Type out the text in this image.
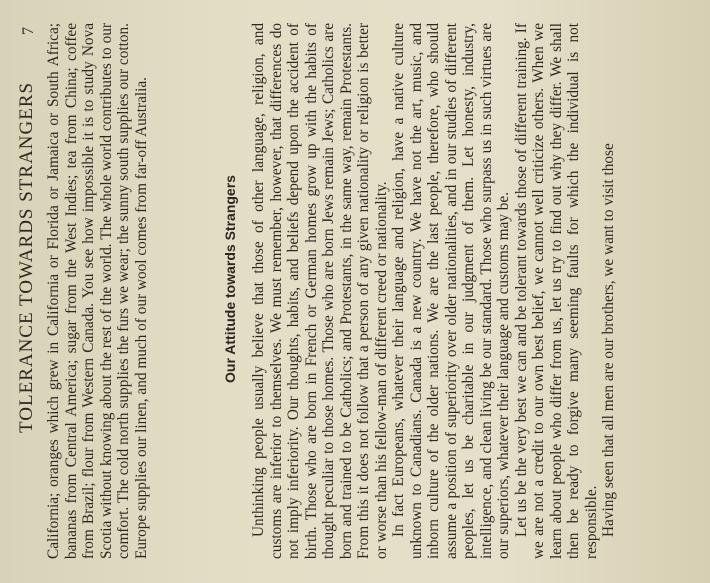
7
TOLERANCE TOWARDS STRANGERS California; oranges which grew in California or Florida or Jamaica or South Africa; bananas from Central America; sugar from the West Indies; tea from China; coffee from Brazil; flour from Western Canada. You see how impossible it is to study Nova Scotia without knowing about the rest of the world. The whole world contributes to our comfort. The cold north supplies the furs we wear; the sunny south supplies our cotton. Europe supplies our linen, and much of our wool comes from far-off Australia.	Our Attitude towards Strangers Unthinking people usually believe that those of other language, religion, and customs are inferior to themselves. We must remember, however, that differences do not imply inferiority. Our thoughts, habits, and beliefs depend upon the accident of birth. Those who are born in French or German homes grow up with the habits of thought peculiar to those homes. Those who are born Jews remain Jews; Catholics are born and trained to be Catholics; and Protestants, in the same way, remain Protestants. From this it does not follow that a person of any given nationality or religion is better or worse than his fellow-man of different creed or nationality. In fact Europeans, whatever their language and religion, have a native culture unknown to Canadians. Canada is a new country. We have not the art, music, and inborn culture of the older nations. We are the last people, therefore, who should assume a position of superiority over older nationalities, and in our studies of different peoples, let us be charitable in our judgment of them. Let honesty, industry, intelligence, and clean living be our standard. Those who surpass us in such virtues are our superiors, whatever their language and customs may be. Let us be the very best we can and be tolerant towards those of different training. If we are not a credit to our own best belief, we cannot well criticize others. When we learn about people who differ from us, let us try to find out why they differ. We shall then be ready to forgive many seeming faults for which the individual is not responsible. Having seen that all men are our brothers, we want to visit those
